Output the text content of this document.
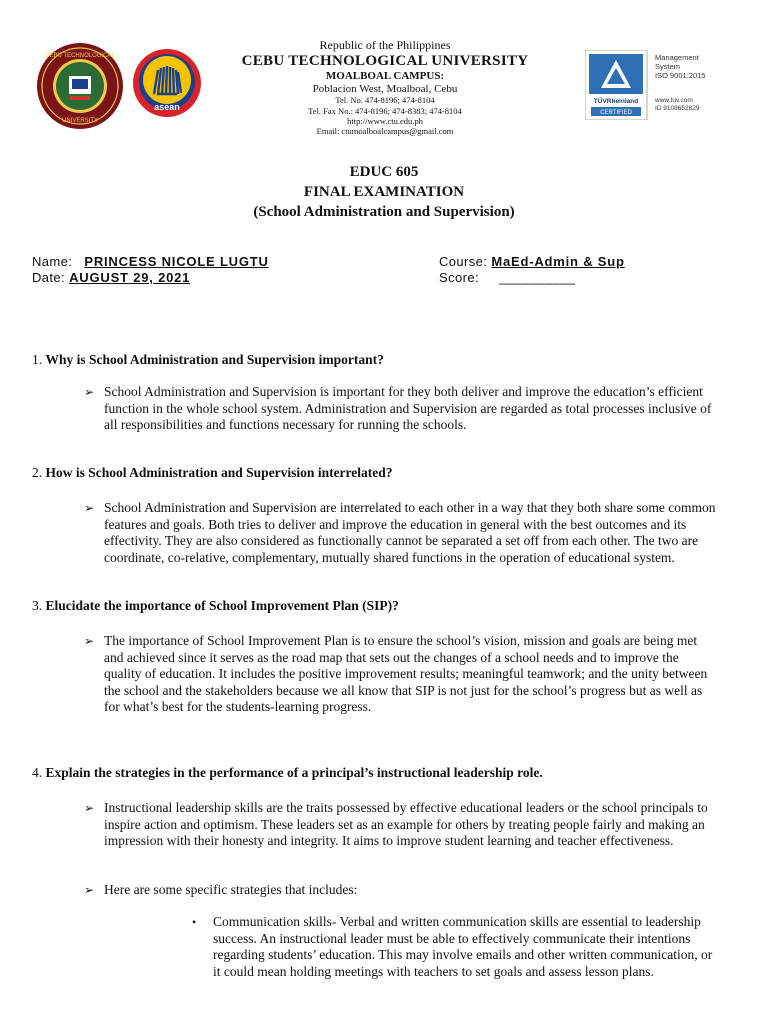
CEBU TECHNOLOGICAL
UNIVERSITY
asean
TÜVRheinland
CERTIFIED
Management
System
ISO 9001:2015
www.tuv.com
ID 9108652829
Republic of the Philippines
CEBU TECHNOLOGICAL UNIVERSITY
MOALBOAL CAMPUS:
Poblacion West, Moalboal, Cebu
Tel. No. 474-8196; 474-8104
Tel. Fax No.: 474-8196; 474-8383; 474-8104
http://www.ctu.edu.ph
Email: ctumoalboalcampus@gmail.com
EDUC 605
FINAL EXAMINATION
(School Administration and Supervision)
Name: PRINCESS NICOLE LUGTU	Course: MaEd-Admin & Sup
Date: AUGUST 29, 2021	Score: __________
1. Why is School Administration and Supervision important?
➢ School Administration and Supervision is important for they both deliver and improve the education’s efficient function in the whole school system. Administration and Supervision are regarded as total processes inclusive of all responsibilities and functions necessary for running the schools.
2. How is School Administration and Supervision interrelated?
➢ School Administration and Supervision are interrelated to each other in a way that they both share some common features and goals. Both tries to deliver and improve the education in general with the best outcomes and its effectivity. They are also considered as functionally cannot be separated a set off from each other. The two are coordinate, co-relative, complementary, mutually shared functions in the operation of educational system.
3. Elucidate the importance of School Improvement Plan (SIP)?
➢ The importance of School Improvement Plan is to ensure the school’s vision, mission and goals are being met and achieved since it serves as the road map that sets out the changes of a school needs and to improve the quality of education. It includes the positive improvement results; meaningful teamwork; and the unity between the school and the stakeholders because we all know that SIP is not just for the school’s progress but as well as for what’s best for the students-learning progress.
4. Explain the strategies in the performance of a principal’s instructional leadership role.
➢ Instructional leadership skills are the traits possessed by effective educational leaders or the school principals to inspire action and optimism. These leaders set as an example for others by treating people fairly and making an impression with their honesty and integrity. It aims to improve student learning and teacher effectiveness.
➢ Here are some specific strategies that includes:
• Communication skills- Verbal and written communication skills are essential to leadership success. An instructional leader must be able to effectively communicate their intentions regarding students’ education. This may involve emails and other written communication, or it could mean holding meetings with teachers to set goals and assess lesson plans.
